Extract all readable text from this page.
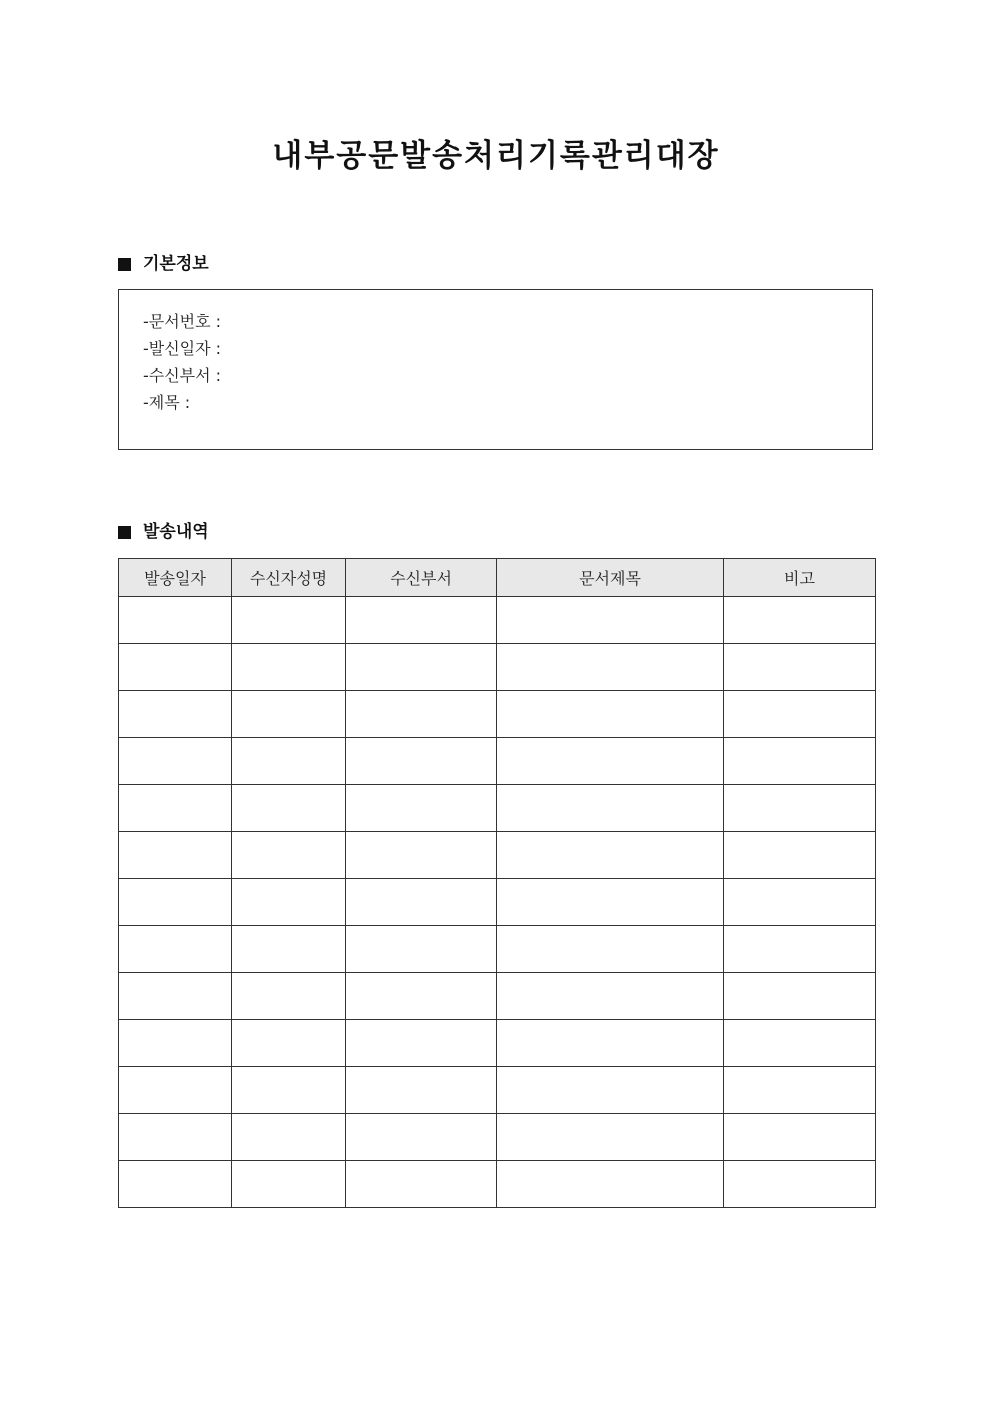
내부공문발송처리기록관리대장
기본정보
-문서번호 :
-발신일자 :
-수신부서 :
-제목 :
발송내역
발송일자	수신자성명	수신부서	문서제목	비고
